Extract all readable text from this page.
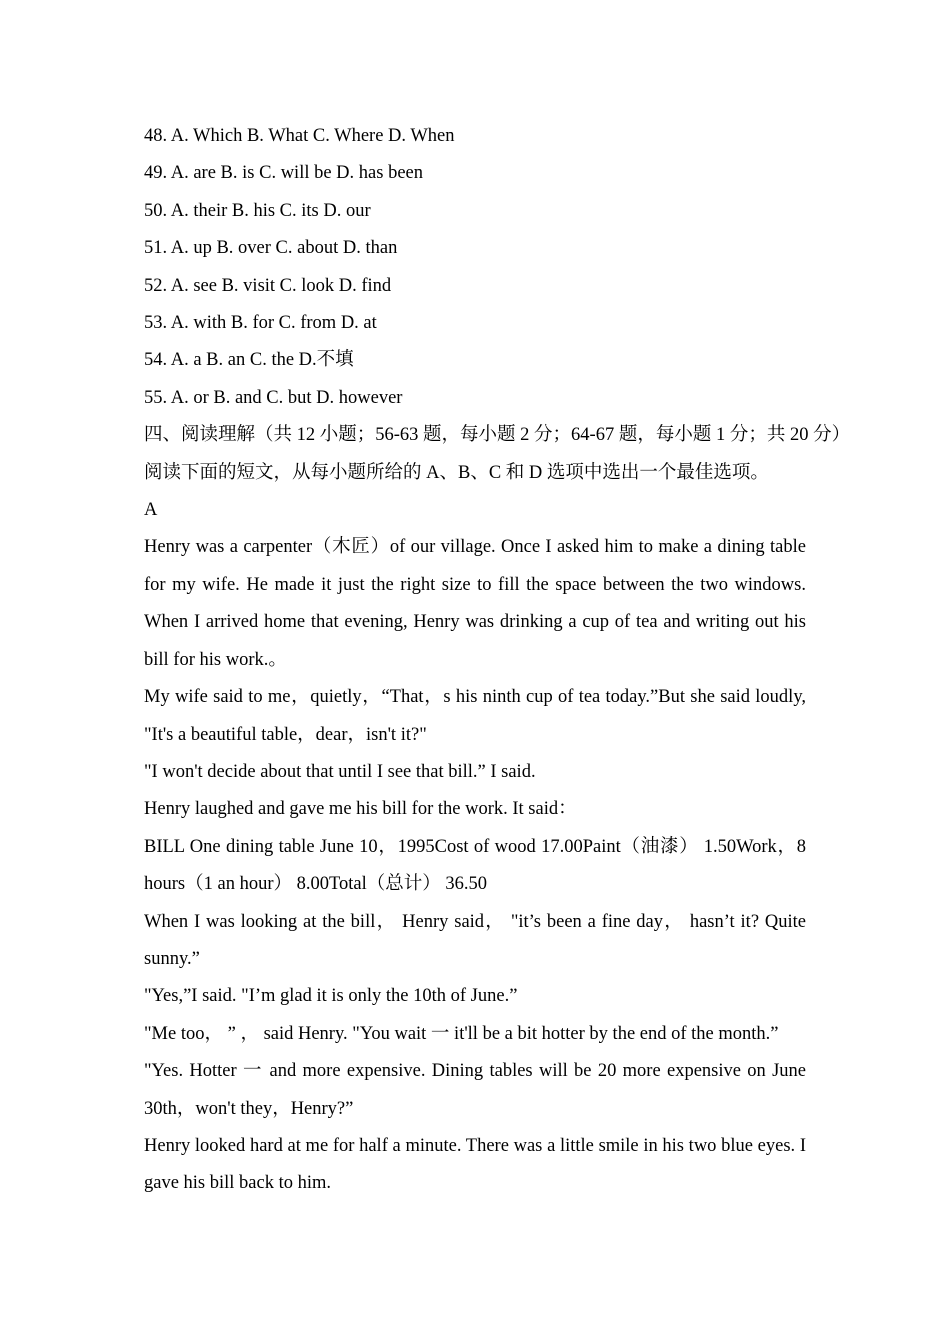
48. A. Which B. What C. Where D. When

49. A. are B. is C. will be D. has been

50. A. their B. his C. its D. our

51. A. up B. over C. about D. than

52. A. see B. visit C. look D. find

53. A. with B. for C. from D. at

54. A. a B. an C. the D.不填

55. A. or B. and C. but D. however

四、阅读理解（共 12 小题；56-63 题，每小题 2 分；64-67 题，每小题 1 分；共 20 分）

阅读下面的短文，从每小题所给的 A、B、C 和 D 选项中选出一个最佳选项。

A

Henry was a carpenter（木匠）of our village. Once I asked him to make a dining table for my wife. He made it just the right size to fill the space between the two windows. When I arrived home that evening, Henry was drinking a cup of tea and writing out his bill for his work.。

My wife said to me，quietly，“That，s his ninth cup of tea today.”But she said loudly, "It's a beautiful table，dear，isn't it?"

"I won't decide about that until I see that bill.” I said.

Henry laughed and gave me his bill for the work. It said：

BILL One dining table June 10，1995Cost of wood 17.00Paint（油漆） 1.50Work，8 hours（1 an hour） 8.00Total（总计） 36.50

When I was looking at the bill， Henry said， "it’s been a fine day， hasn’t it? Quite sunny.”

"Yes,”I said. "I’m glad it is only the 10th of June.”

"Me too， ” ， said Henry. "You wait 一 it'll be a bit hotter by the end of the month.”

"Yes. Hotter 一 and more expensive. Dining tables will be 20 more expensive on June 30th，won't they，Henry?”

Henry looked hard at me for half a minute. There was a little smile in his two blue eyes. I gave his bill back to him.
